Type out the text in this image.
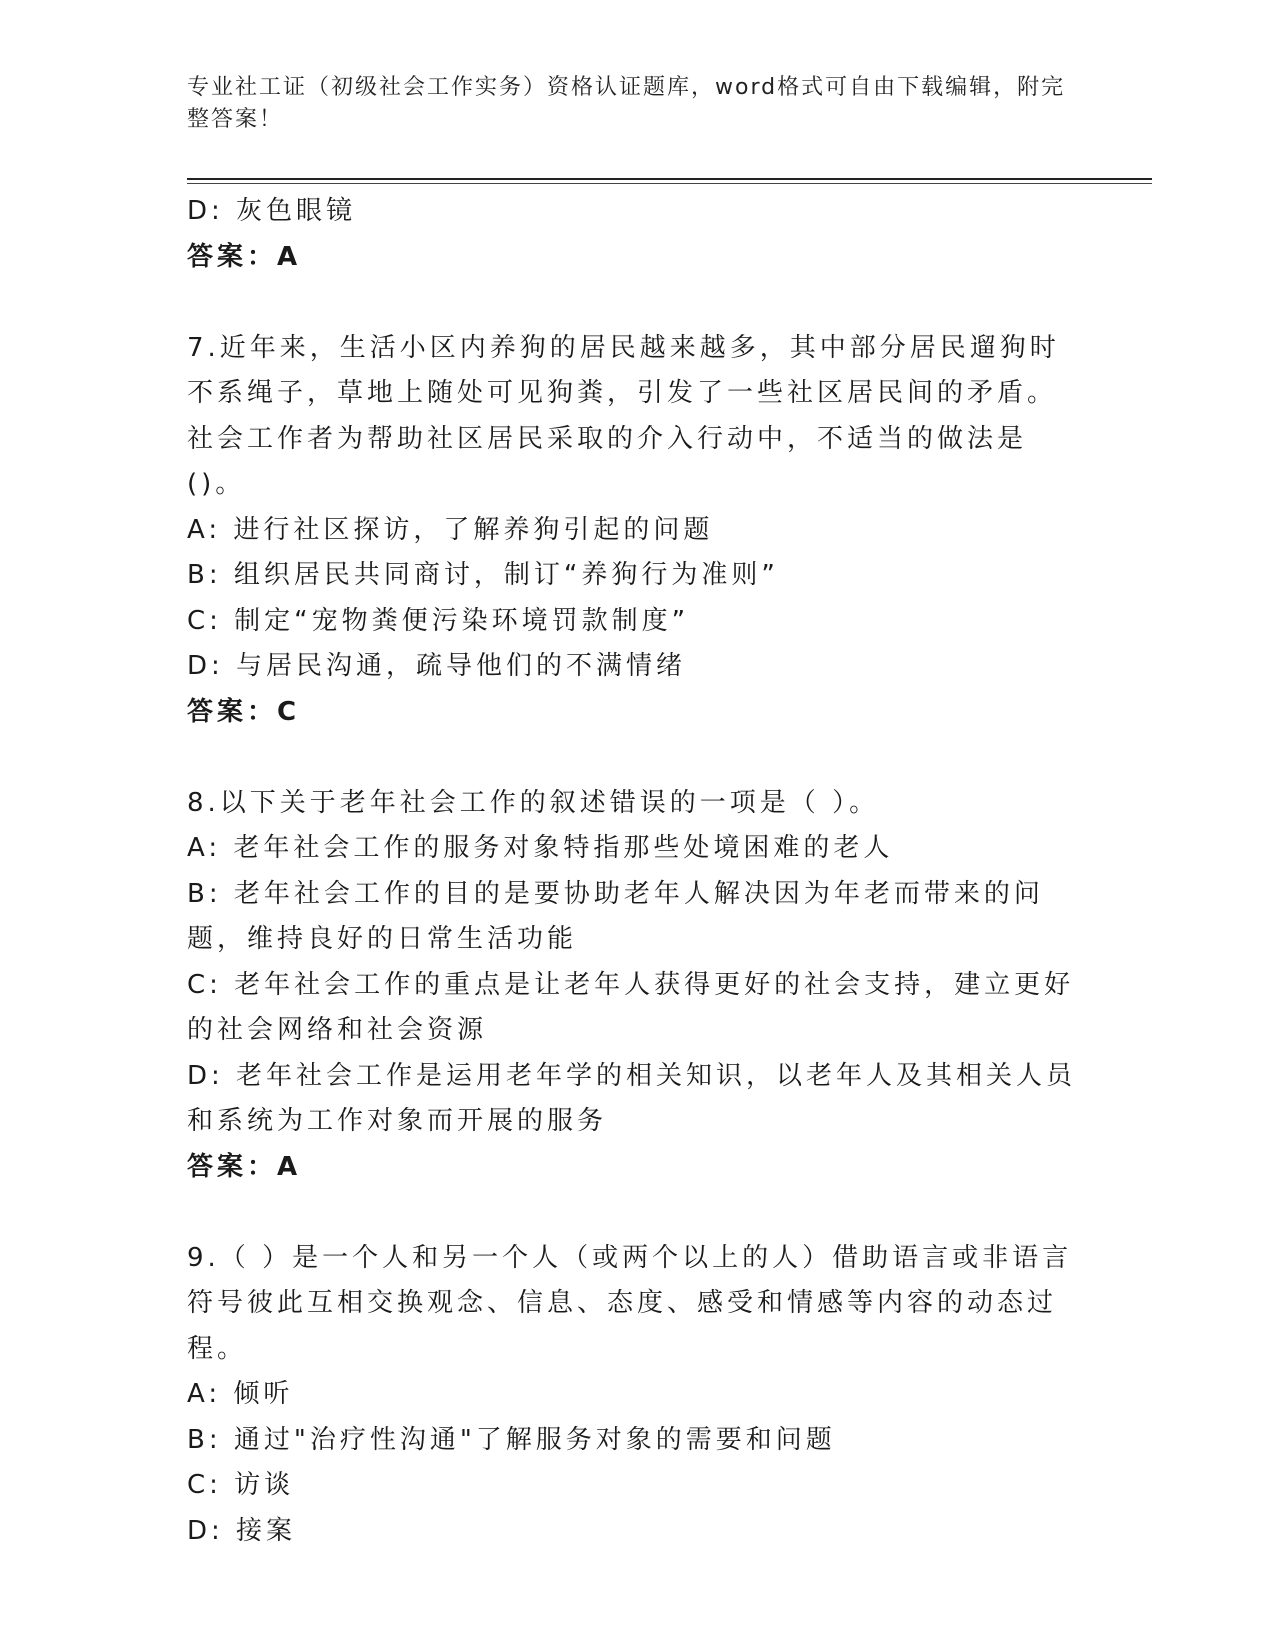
专业社工证（初级社会工作实务）资格认证题库，word格式可自由下载编辑，附完整答案！
D: 灰色眼镜
答案：A
7.近年来，生活小区内养狗的居民越来越多，其中部分居民遛狗时不系绳子，草地上随处可见狗粪，引发了一些社区居民间的矛盾。社会工作者为帮助社区居民采取的介入行动中，不适当的做法是()。
A: 进行社区探访，了解养狗引起的问题
B: 组织居民共同商讨，制订“养狗行为准则”
C: 制定“宠物粪便污染环境罚款制度”
D: 与居民沟通，疏导他们的不满情绪
答案：C
8.以下关于老年社会工作的叙述错误的一项是（ ）。
A: 老年社会工作的服务对象特指那些处境困难的老人
B: 老年社会工作的目的是要协助老年人解决因为年老而带来的问题，维持良好的日常生活功能
C: 老年社会工作的重点是让老年人获得更好的社会支持，建立更好的社会网络和社会资源
D: 老年社会工作是运用老年学的相关知识，以老年人及其相关人员和系统为工作对象而开展的服务
答案：A
9.（ ）是一个人和另一个人（或两个以上的人）借助语言或非语言符号彼此互相交换观念、信息、态度、感受和情感等内容的动态过程。
A: 倾听
B: 通过"治疗性沟通"了解服务对象的需要和问题
C: 访谈
D: 接案
